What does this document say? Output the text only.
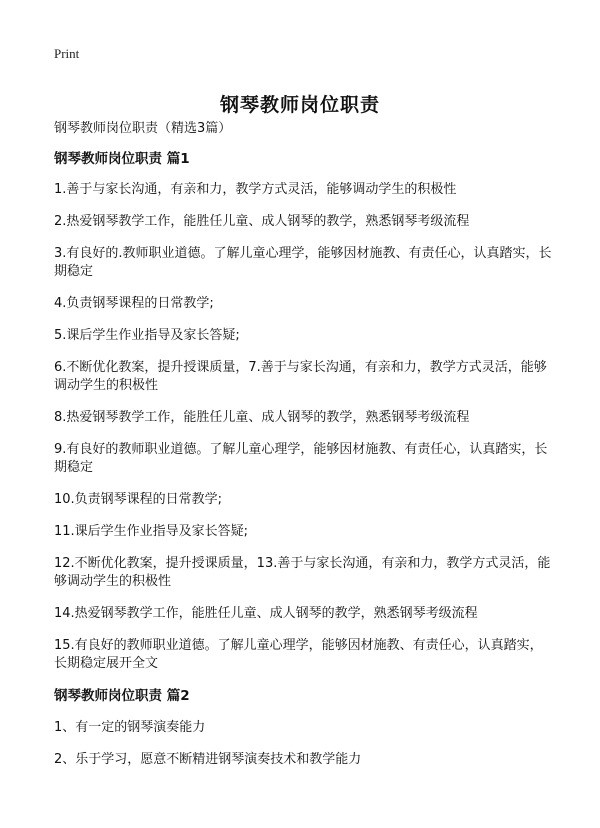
Print
钢琴教师岗位职责
钢琴教师岗位职责（精选3篇）
钢琴教师岗位职责 篇1

1.善于与家长沟通，有亲和力，教学方式灵活，能够调动学生的积极性

2.热爱钢琴教学工作，能胜任儿童、成人钢琴的教学，熟悉钢琴考级流程

3.有良好的.教师职业道德。了解儿童心理学，能够因材施教、有责任心，认真踏实，长期稳定

4.负责钢琴课程的日常教学;

5.课后学生作业指导及家长答疑;

6.不断优化教案，提升授课质量，7.善于与家长沟通，有亲和力，教学方式灵活，能够调动学生的积极性

8.热爱钢琴教学工作，能胜任儿童、成人钢琴的教学，熟悉钢琴考级流程

9.有良好的教师职业道德。了解儿童心理学，能够因材施教、有责任心，认真踏实，长期稳定

10.负责钢琴课程的日常教学;

11.课后学生作业指导及家长答疑;

12.不断优化教案，提升授课质量，13.善于与家长沟通，有亲和力，教学方式灵活，能够调动学生的积极性

14.热爱钢琴教学工作，能胜任儿童、成人钢琴的教学，熟悉钢琴考级流程

15.有良好的教师职业道德。了解儿童心理学，能够因材施教、有责任心，认真踏实，长期稳定展开全文

钢琴教师岗位职责 篇2

1、有一定的钢琴演奏能力

2、乐于学习，愿意不断精进钢琴演奏技术和教学能力
